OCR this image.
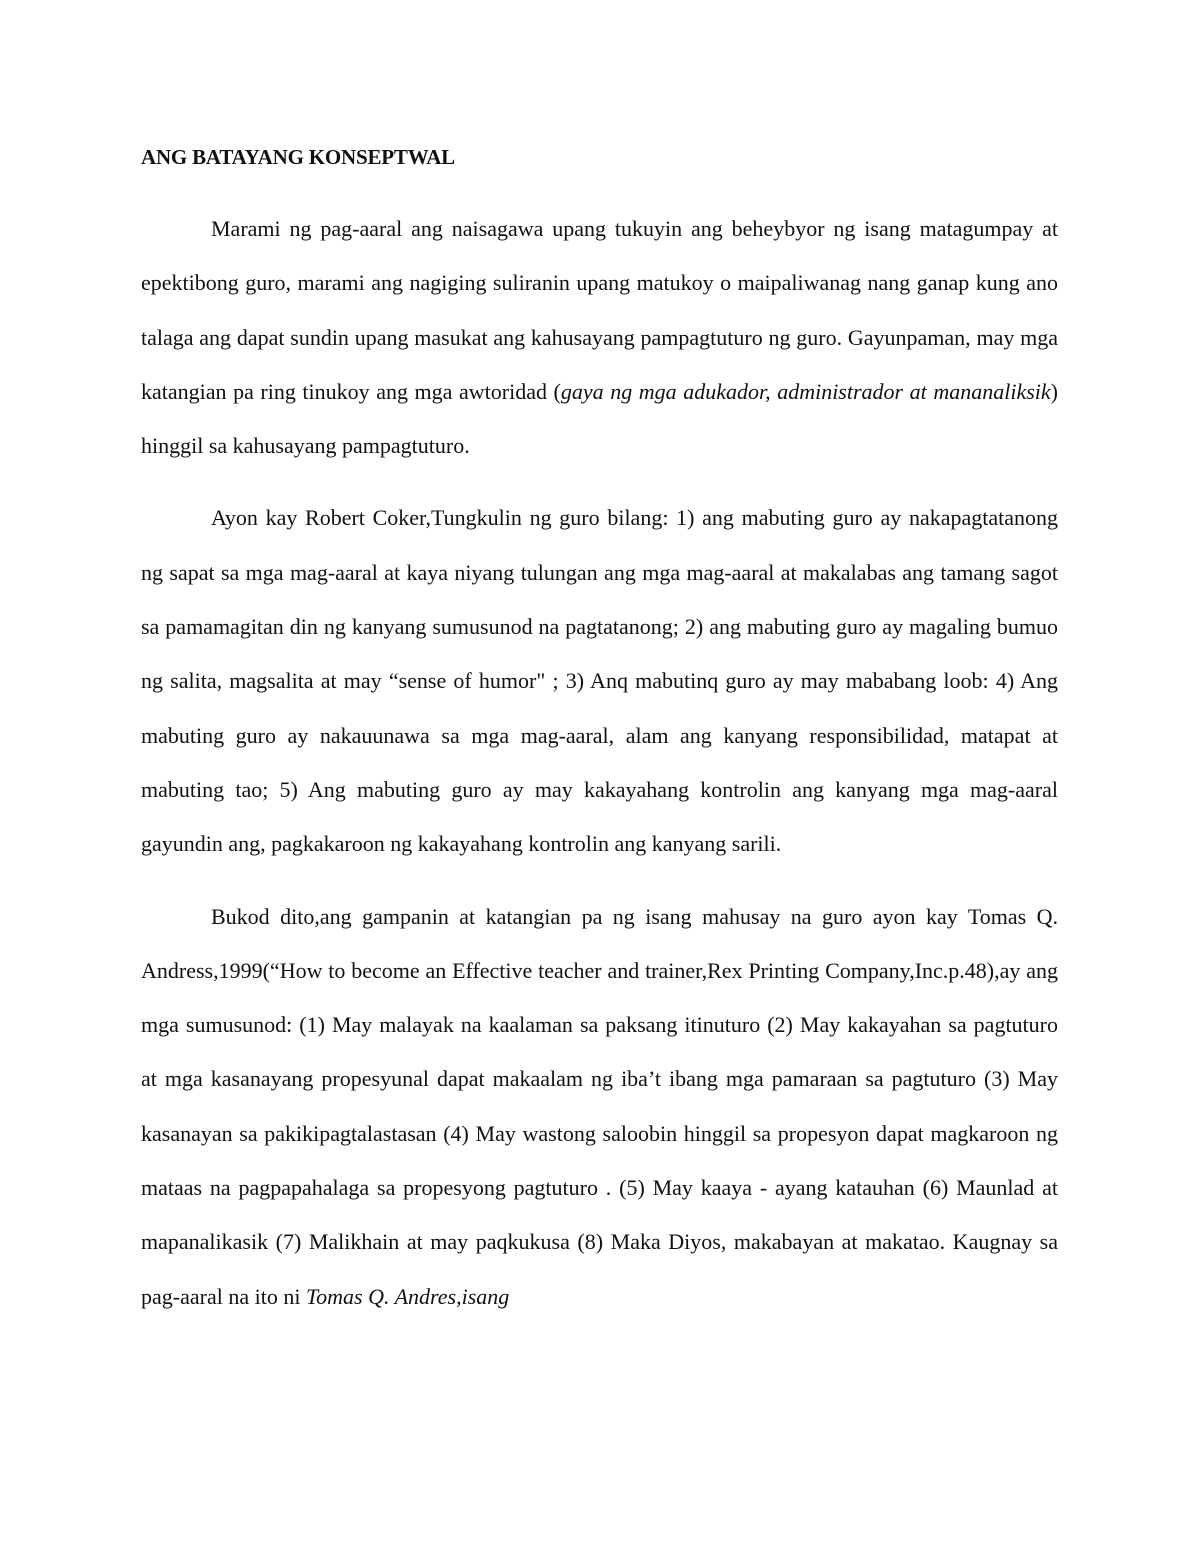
ANG BATAYANG KONSEPTWAL

Marami ng pag-aaral ang naisagawa upang tukuyin ang beheybyor ng isang matagumpay at epektibong guro, marami ang nagiging suliranin upang matukoy o maipaliwanag nang ganap kung ano talaga ang dapat sundin upang masukat ang kahusayang pampagtuturo ng guro. Gayunpaman, may mga katangian pa ring tinukoy ang mga awtoridad (gaya ng mga adukador, administrador at mananaliksik) hinggil sa kahusayang pampagtuturo.

Ayon kay Robert Coker,Tungkulin ng guro bilang: 1) ang mabuting guro ay nakapagtatanong ng sapat sa mga mag-aaral at kaya niyang tulungan ang mga mag-aaral at makalabas ang tamang sagot sa pamamagitan din ng kanyang sumusunod na pagtatanong; 2) ang mabuting guro ay magaling bumuo ng salita, magsalita at may “sense of humor" ; 3) Anq mabutinq guro ay may mababang loob: 4) Ang mabuting guro ay nakauunawa sa mga mag-aaral, alam ang kanyang responsibilidad, matapat at mabuting tao; 5) Ang mabuting guro ay may kakayahang kontrolin ang kanyang mga mag-aaral gayundin ang, pagkakaroon ng kakayahang kontrolin ang kanyang sarili.

Bukod dito,ang gampanin at katangian pa ng isang mahusay na guro ayon kay Tomas Q. Andress,1999(“How to become an Effective teacher and trainer,Rex Printing Company,Inc.p.48),ay ang mga sumusunod: (1) May malayak na kaalaman sa paksang itinuturo (2) May kakayahan sa pagtuturo at mga kasanayang propesyunal dapat makaalam ng iba’t ibang mga pamaraan sa pagtuturo (3) May kasanayan sa pakikipagtalastasan (4) May wastong saloobin hinggil sa propesyon dapat magkaroon ng mataas na pagpapahalaga sa propesyong pagtuturo . (5) May kaaya - ayang katauhan (6) Maunlad at mapanalikasik (7) Malikhain at may paqkukusa (8) Maka Diyos, makabayan at makatao. Kaugnay sa pag-aaral na ito ni Tomas Q. Andres,isang
